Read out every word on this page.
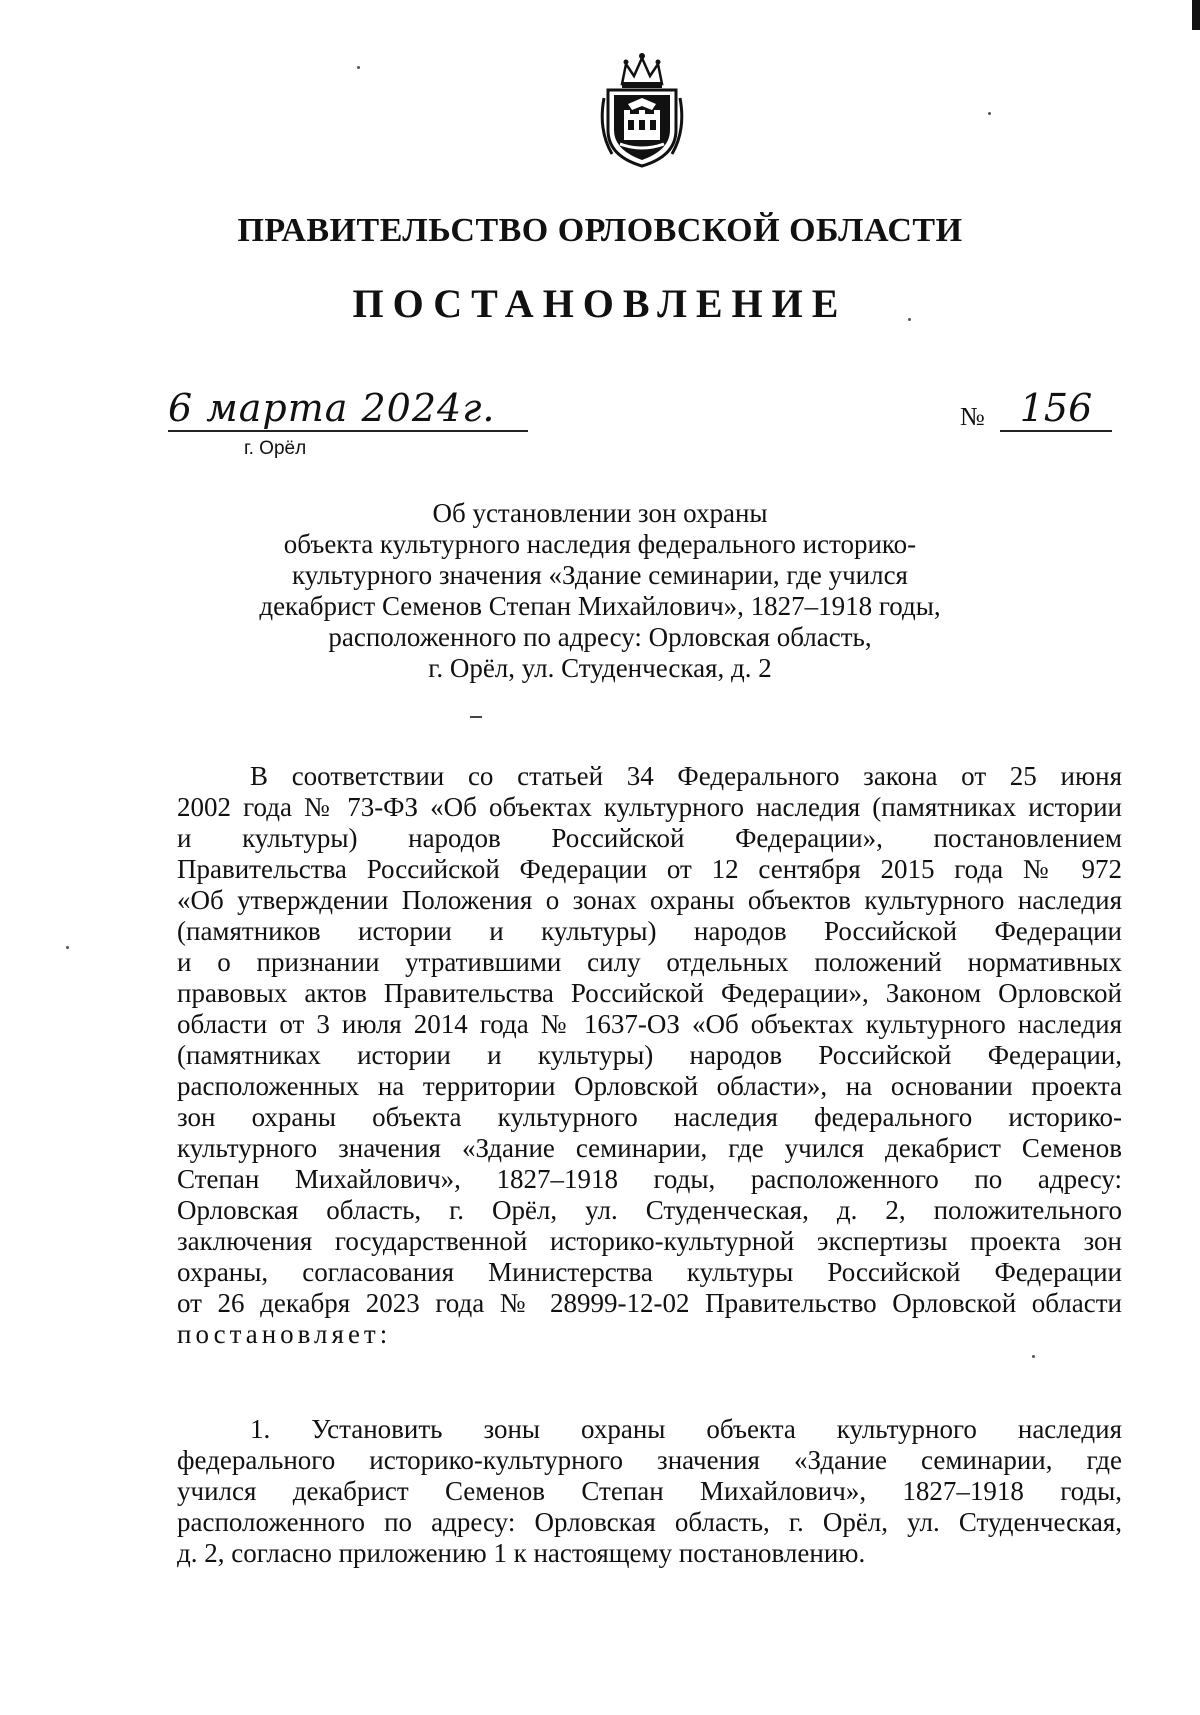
ПРАВИТЕЛЬСТВО ОРЛОВСКОЙ ОБЛАСТИ
ПОСТАНОВЛЕНИЕ
6 марта 2024г.
г. Орёл
№ 156
Об установлении зон охраны
объекта культурного наследия федерального историко-
культурного значения «Здание семинарии, где учился
декабрист Семенов Степан Михайлович», 1827–1918 годы,
расположенного по адресу: Орловская область,
г. Орёл, ул. Студенческая, д. 2
В соответствии со статьей 34 Федерального закона от 25 июня
2002 года № 73-ФЗ «Об объектах культурного наследия (памятниках истории
и культуры) народов Российской Федерации», постановлением
Правительства Российской Федерации от 12 сентября 2015 года № 972
«Об утверждении Положения о зонах охраны объектов культурного наследия
(памятников истории и культуры) народов Российской Федерации
и о признании утратившими силу отдельных положений нормативных
правовых актов Правительства Российской Федерации», Законом Орловской
области от 3 июля 2014 года № 1637-ОЗ «Об объектах культурного наследия
(памятниках истории и культуры) народов Российской Федерации,
расположенных на территории Орловской области», на основании проекта
зон охраны объекта культурного наследия федерального историко-
культурного значения «Здание семинарии, где учился декабрист Семенов
Степан Михайлович», 1827–1918 годы, расположенного по адресу:
Орловская область, г. Орёл, ул. Студенческая, д. 2, положительного
заключения государственной историко-культурной экспертизы проекта зон
охраны, согласования Министерства культуры Российской Федерации
от 26 декабря 2023 года № 28999-12-02 Правительство Орловской области
постановляет:
1. Установить зоны охраны объекта культурного наследия
федерального историко-культурного значения «Здание семинарии, где
учился декабрист Семенов Степан Михайлович», 1827–1918 годы,
расположенного по адресу: Орловская область, г. Орёл, ул. Студенческая,
д. 2, согласно приложению 1 к настоящему постановлению.
